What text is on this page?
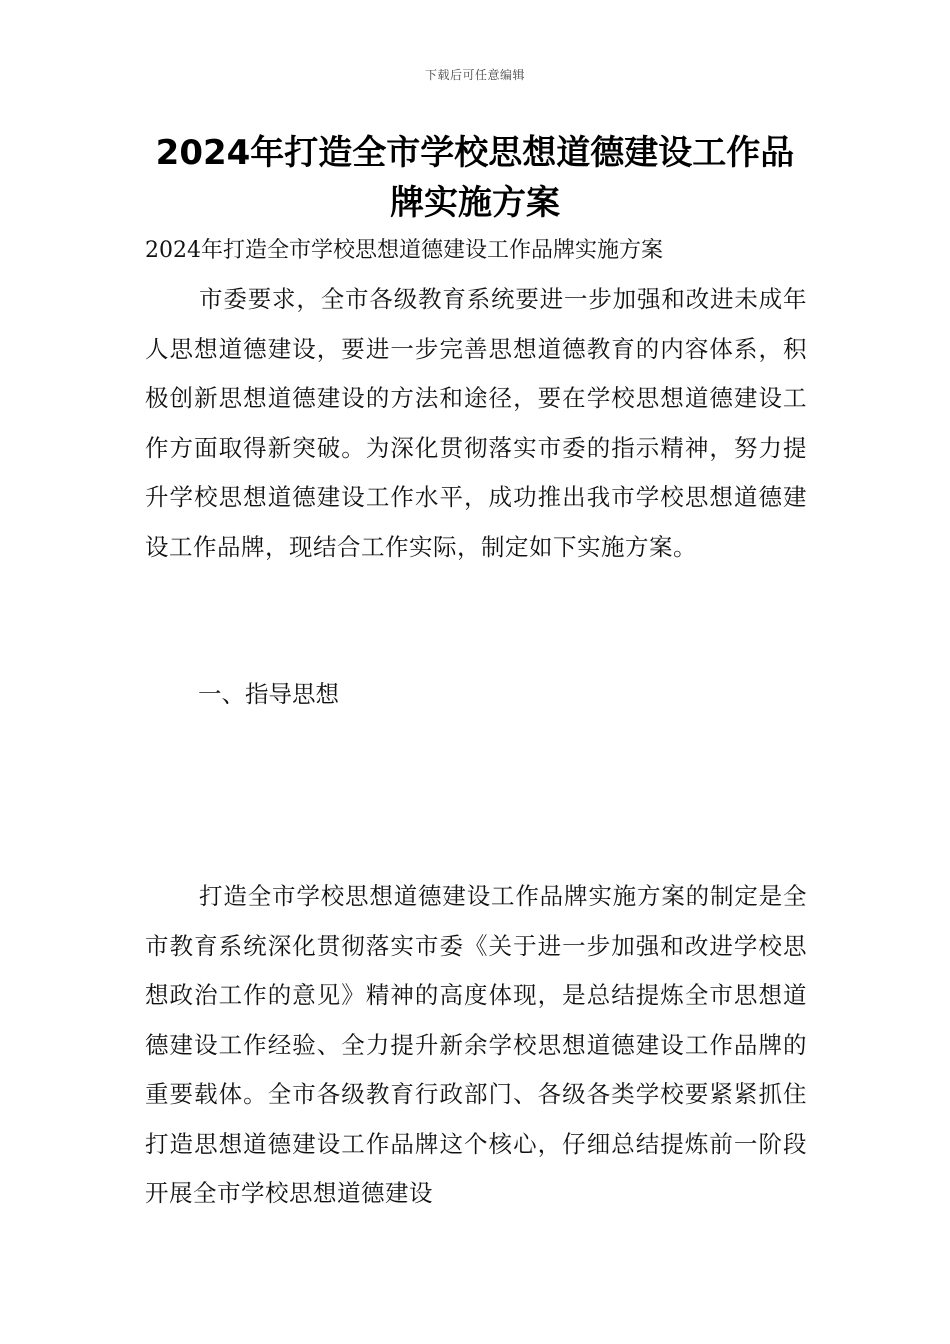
下载后可任意编辑
2024年打造全市学校思想道德建设工作品牌实施方案
2024年打造全市学校思想道德建设工作品牌实施方案

市委要求，全市各级教育系统要进一步加强和改进未成年人思想道德建设，要进一步完善思想道德教育的内容体系，积极创新思想道德建设的方法和途径，要在学校思想道德建设工作方面取得新突破。为深化贯彻落实市委的指示精神，努力提升学校思想道德建设工作水平，成功推出我市学校思想道德建设工作品牌，现结合工作实际，制定如下实施方案。

一、指导思想

打造全市学校思想道德建设工作品牌实施方案的制定是全市教育系统深化贯彻落实市委《关于进一步加强和改进学校思想政治工作的意见》精神的高度体现，是总结提炼全市思想道德建设工作经验、全力提升新余学校思想道德建设工作品牌的重要载体。全市各级教育行政部门、各级各类学校要紧紧抓住打造思想道德建设工作品牌这个核心，仔细总结提炼前一阶段开展全市学校思想道德建设
